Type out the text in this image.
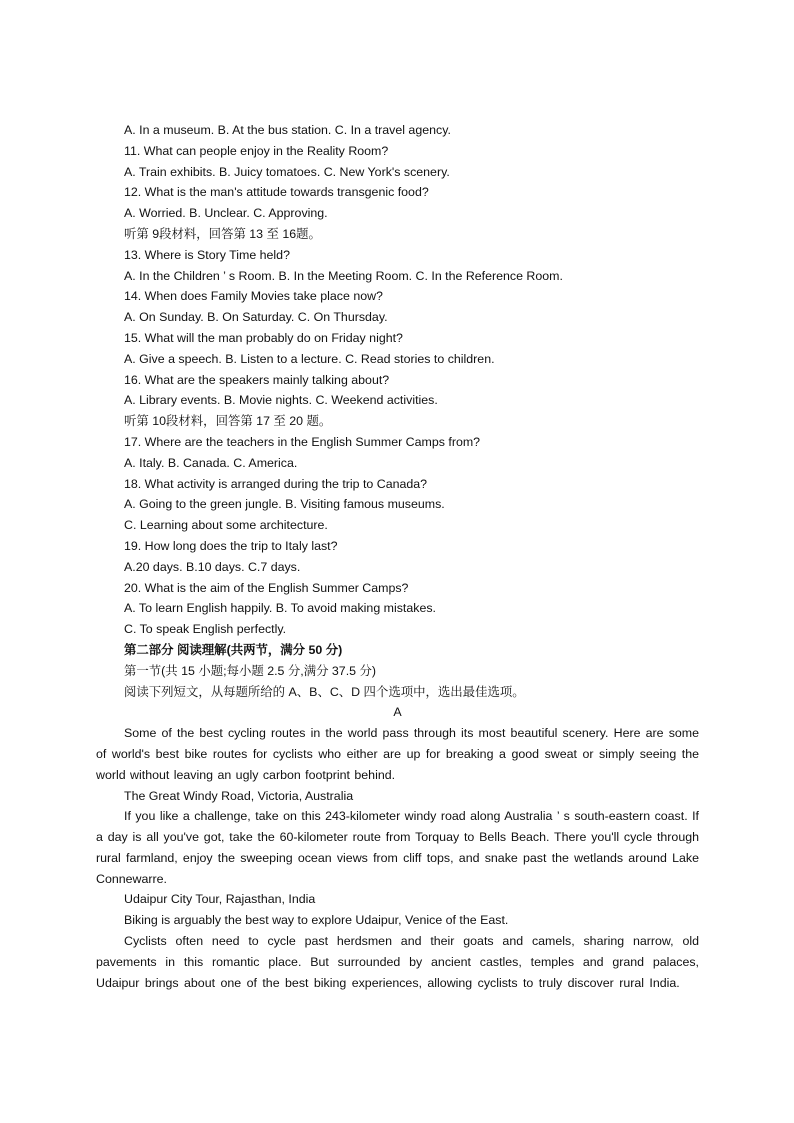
A. In a museum. B. At the bus station. C. In a travel agency.
11. What can people enjoy in the Reality Room?
A. Train exhibits. B. Juicy tomatoes. C. New York's scenery.
12. What is the man's attitude towards transgenic food?
A. Worried. B. Unclear. C. Approving.
听第 9段材料，回答第 13 至 16题。
13. Where is Story Time held?
A. In the Children ’ s Room. B. In the Meeting Room. C. In the Reference Room.
14. When does Family Movies take place now?
A. On Sunday. B. On Saturday. C. On Thursday.
15. What will the man probably do on Friday night?
A. Give a speech. B. Listen to a lecture. C. Read stories to children.
16. What are the speakers mainly talking about?
A. Library events. B. Movie nights. C. Weekend activities.
听第 10段材料，回答第 17 至 20 题。
17. Where are the teachers in the English Summer Camps from?
A. Italy. B. Canada. C. America.
18. What activity is arranged during the trip to Canada?
A. Going to the green jungle. B. Visiting famous museums.
C. Learning about some architecture.
19. How long does the trip to Italy last?
A.20 days. B.10 days. C.7 days.
20. What is the aim of the English Summer Camps?
A. To learn English happily. B. To avoid making mistakes.
C. To speak English perfectly.
第二部分 阅读理解(共两节，满分 50 分)
第一节(共 15 小题;每小题 2.5 分,满分 37.5 分)
阅读下列短文，从每题所给的 A、B、C、D 四个选项中，选出最佳选项。
A
Some of the best cycling routes in the world pass through its most beautiful scenery. Here are some of world's best bike routes for cyclists who either are up for breaking a good sweat or simply seeing the world without leaving an ugly carbon footprint behind.
The Great Windy Road, Victoria, Australia
If you like a challenge, take on this 243-kilometer windy road along Australia ’ s south-eastern coast. If a day is all you've got, take the 60-kilometer route from Torquay to Bells Beach. There you'll cycle through rural farmland, enjoy the sweeping ocean views from cliff tops, and snake past the wetlands around Lake Connewarre.
Udaipur City Tour, Rajasthan, India
Biking is arguably the best way to explore Udaipur, Venice of the East.
Cyclists often need to cycle past herdsmen and their goats and camels, sharing narrow, old pavements in this romantic place. But surrounded by ancient castles, temples and grand palaces, Udaipur brings about one of the best biking experiences, allowing cyclists to truly discover rural India.
